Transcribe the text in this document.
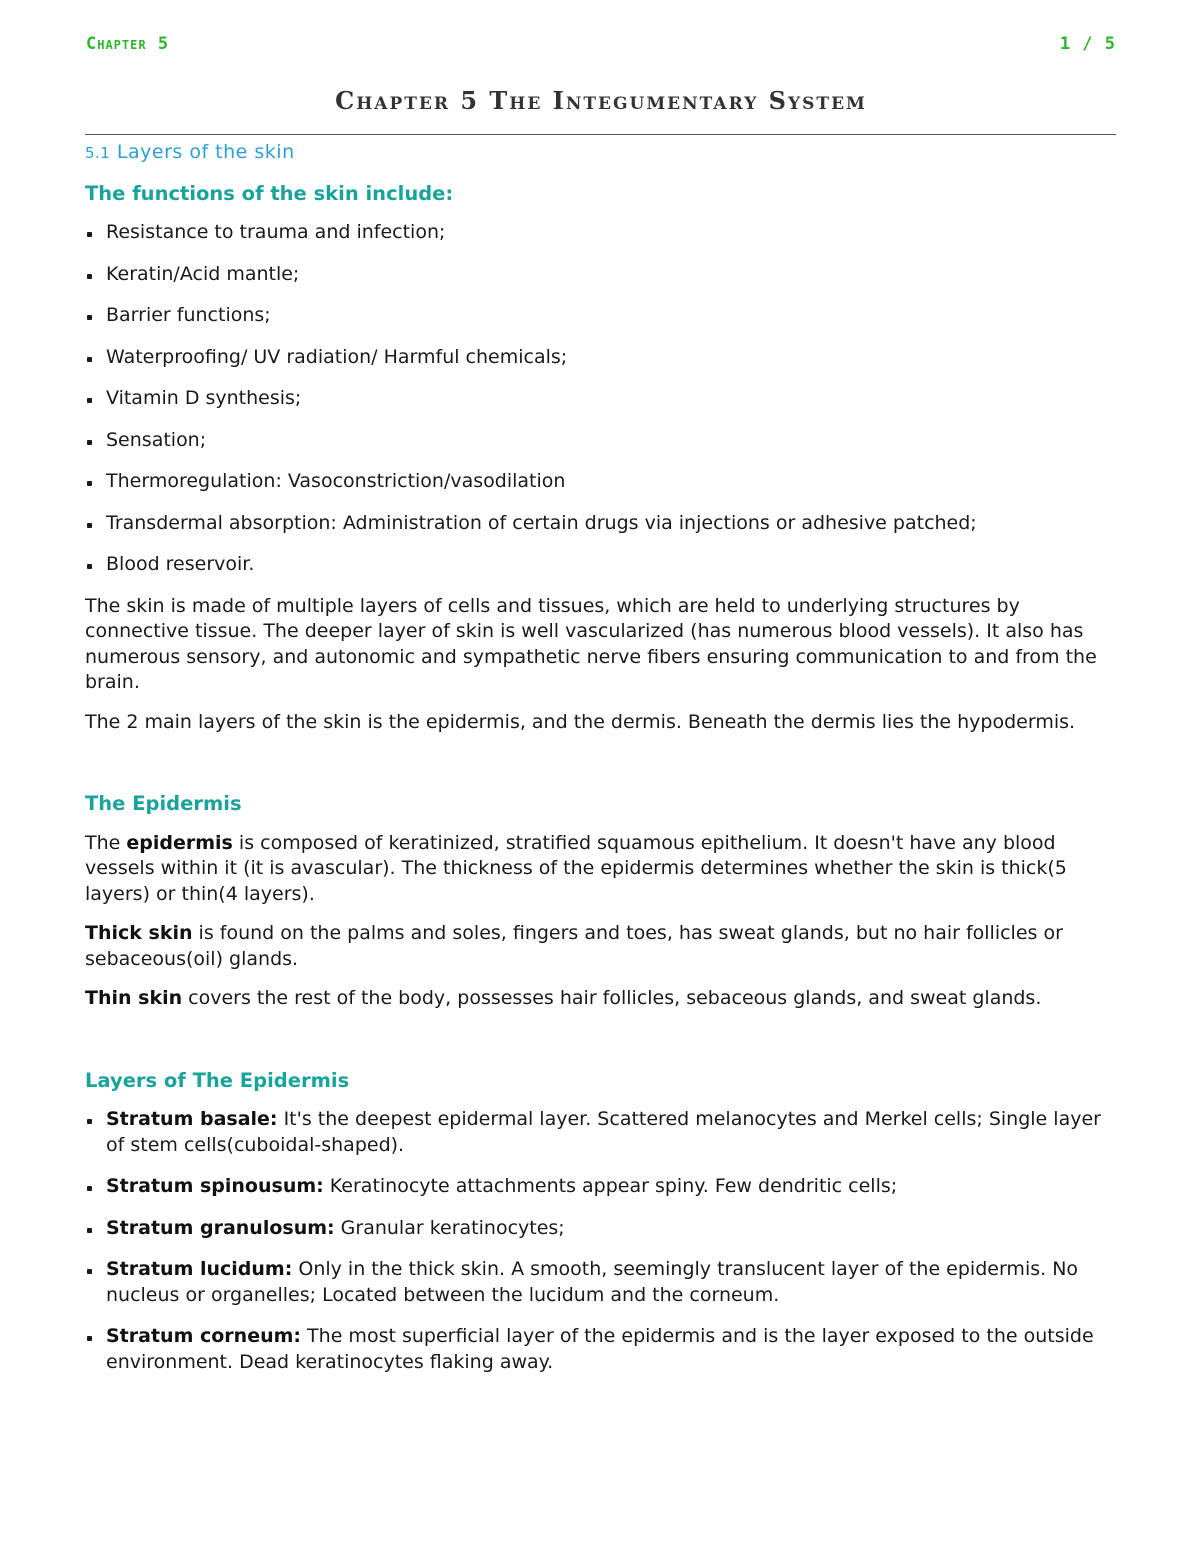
Chapter 5	1 / 5
Chapter 5 The Integumentary System
5.1 Layers of the skin
The functions of the skin include:
Resistance to trauma and infection;
Keratin/Acid mantle;
Barrier functions;
Waterproofing/ UV radiation/ Harmful chemicals;
Vitamin D synthesis;
Sensation;
Thermoregulation: Vasoconstriction/vasodilation
Transdermal absorption: Administration of certain drugs via injections or adhesive patched;
Blood reservoir.

The skin is made of multiple layers of cells and tissues, which are held to underlying structures by connective tissue. The deeper layer of skin is well vascularized (has numerous blood vessels). It also has numerous sensory, and autonomic and sympathetic nerve fibers ensuring communication to and from the brain.

The 2 main layers of the skin is the epidermis, and the dermis. Beneath the dermis lies the hypodermis.

The Epidermis

The epidermis is composed of keratinized, stratified squamous epithelium. It doesn't have any blood vessels within it (it is avascular). The thickness of the epidermis determines whether the skin is thick(5 layers) or thin(4 layers).

Thick skin is found on the palms and soles, fingers and toes, has sweat glands, but no hair follicles or sebaceous(oil) glands.

Thin skin covers the rest of the body, possesses hair follicles, sebaceous glands, and sweat glands.

Layers of The Epidermis
Stratum basale: It's the deepest epidermal layer. Scattered melanocytes and Merkel cells; Single layer of stem cells(cuboidal-shaped).
Stratum spinousum: Keratinocyte attachments appear spiny. Few dendritic cells;
Stratum granulosum: Granular keratinocytes;
Stratum lucidum: Only in the thick skin. A smooth, seemingly translucent layer of the epidermis. No nucleus or organelles; Located between the lucidum and the corneum.
Stratum corneum: The most superficial layer of the epidermis and is the layer exposed to the outside environment. Dead keratinocytes flaking away.
